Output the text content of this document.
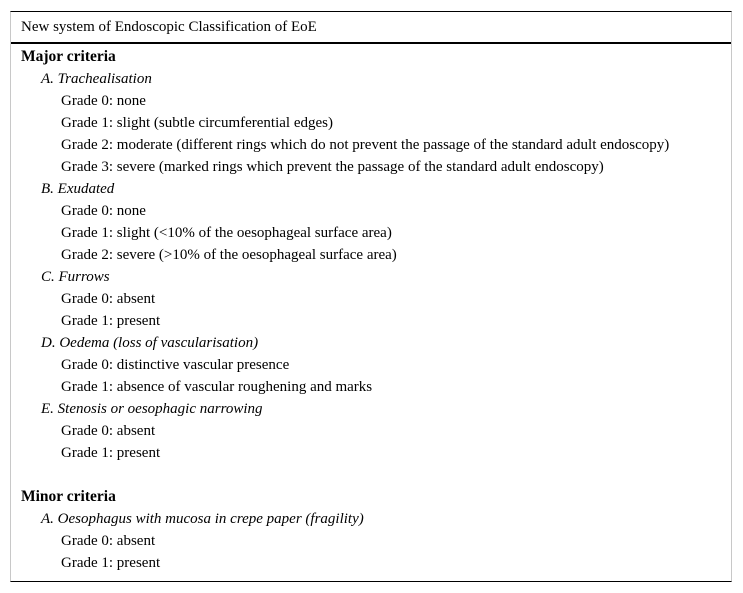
New system of Endoscopic Classification of EoE
Major criteria
A. Trachealisation
Grade 0: none
Grade 1: slight (subtle circumferential edges)
Grade 2: moderate (different rings which do not prevent the passage of the standard adult endoscopy)
Grade 3: severe (marked rings which prevent the passage of the standard adult endoscopy)
B. Exudated
Grade 0: none
Grade 1: slight (<10% of the oesophageal surface area)
Grade 2: severe (>10% of the oesophageal surface area)
C. Furrows
Grade 0: absent
Grade 1: present
D. Oedema (loss of vascularisation)
Grade 0: distinctive vascular presence
Grade 1: absence of vascular roughening and marks
E. Stenosis or oesophagic narrowing
Grade 0: absent
Grade 1: present
Minor criteria
A. Oesophagus with mucosa in crepe paper (fragility)
Grade 0: absent
Grade 1: present
